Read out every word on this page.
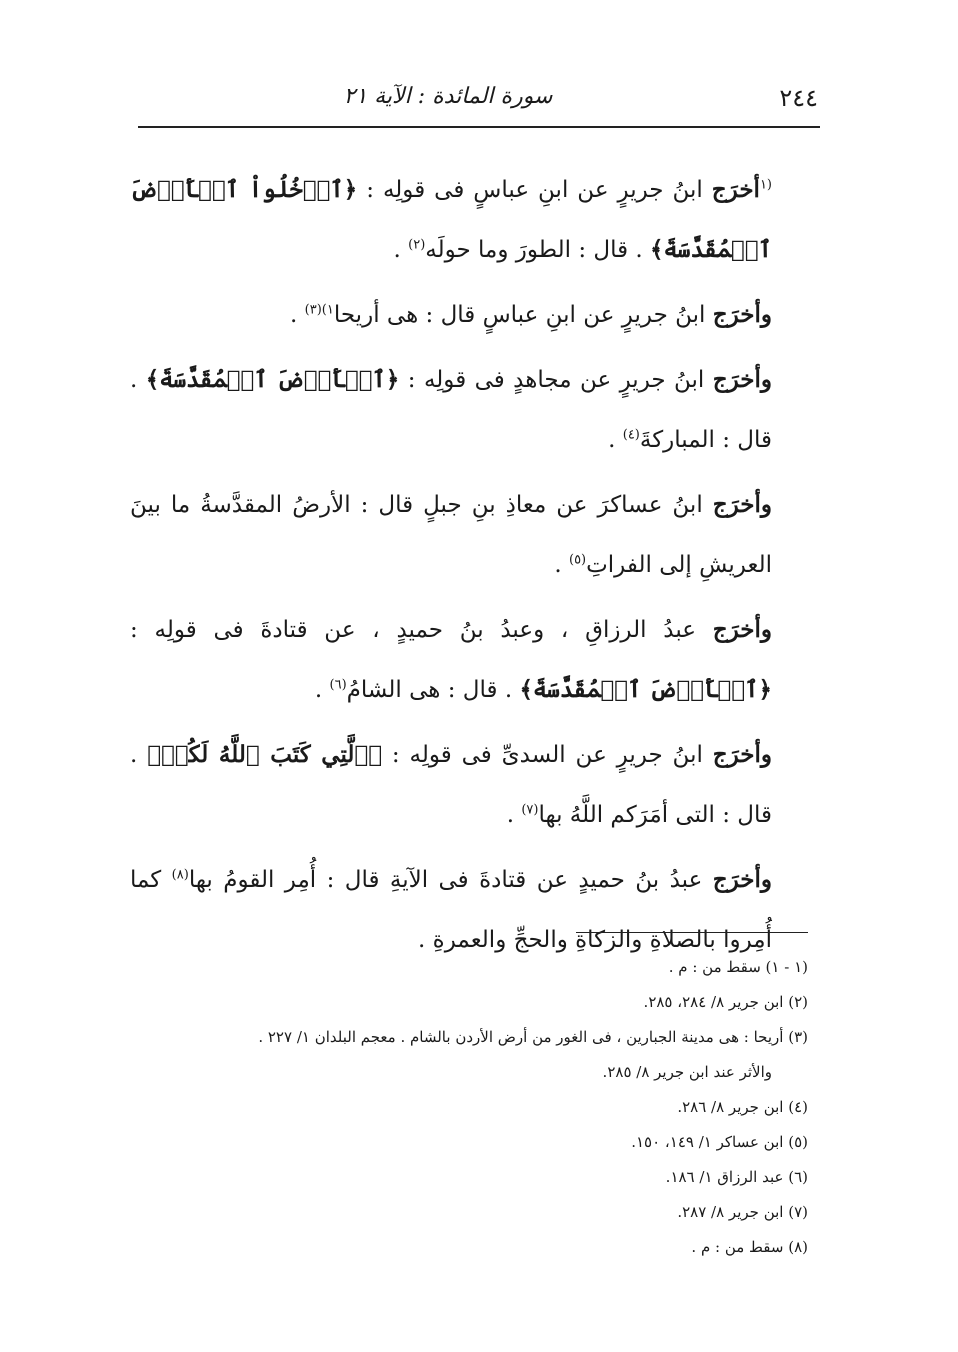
٢٤٤
سورة المائدة : الآية ٢١

$^{(١}$أخرَج ابنُ جريرٍ عن ابنِ عباسٍ فى قولِه : ﴿ٱدۡخُلُواْ ٱلۡأَرۡضَ ٱلۡمُقَدَّسَةَ﴾ . قال : الطورَ وما حولَه$^{(٢)}$ .

وأخرَج ابنُ جريرٍ عن ابنِ عباسٍ قال : هى أريحا$^{١)(٣)}$ .

وأخرَج ابنُ جريرٍ عن مجاهدٍ فى قولِه : ﴿ٱلۡأَرۡضَ ٱلۡمُقَدَّسَةَ﴾ . قال : المباركةَ$^{(٤)}$ .

وأخرَج ابنُ عساكرَ عن معاذِ بنِ جبلٍ قال : الأرضُ المقدَّسةُ ما بينَ العريشِ إلى الفراتِ$^{(٥)}$ .

وأخرَج عبدُ الرزاقِ ، وعبدُ بنُ حميدٍ ، عن قتادةَ فى قولِه : ﴿ٱلۡأَرۡضَ ٱلۡمُقَدَّسَةَ﴾ . قال : هى الشامُ$^{(٦)}$ .

وأخرَج ابنُ جريرٍ عن السدىِّ فى قولِه : ﴿ٱلَّتِي كَتَبَ ٱللَّهُ لَكُمۡ﴾ . قال : التى أمَرَكم اللَّهُ بها$^{(٧)}$ .

وأخرَج عبدُ بنُ حميدٍ عن قتادةَ فى الآيةِ قال : أُمِر القومُ بها$^{(٨)}$ كما أُمِروا بالصلاةِ والزكاةِ والحجِّ والعمرةِ .

(١ - ١) سقط من : م .
(٢) ابن جرير ٨/ ٢٨٤، ٢٨٥.
(٣) أريحا : هى مدينة الجبارين ، فى الغور من أرض الأردن بالشام . معجم البلدان ١/ ٢٢٧ .
والأثر عند ابن جرير ٨/ ٢٨٥.
(٤) ابن جرير ٨/ ٢٨٦.
(٥) ابن عساكر ١/ ١٤٩، ١٥٠.
(٦) عبد الرزاق ١/ ١٨٦.
(٧) ابن جرير ٨/ ٢٨٧.
(٨) سقط من : م .
